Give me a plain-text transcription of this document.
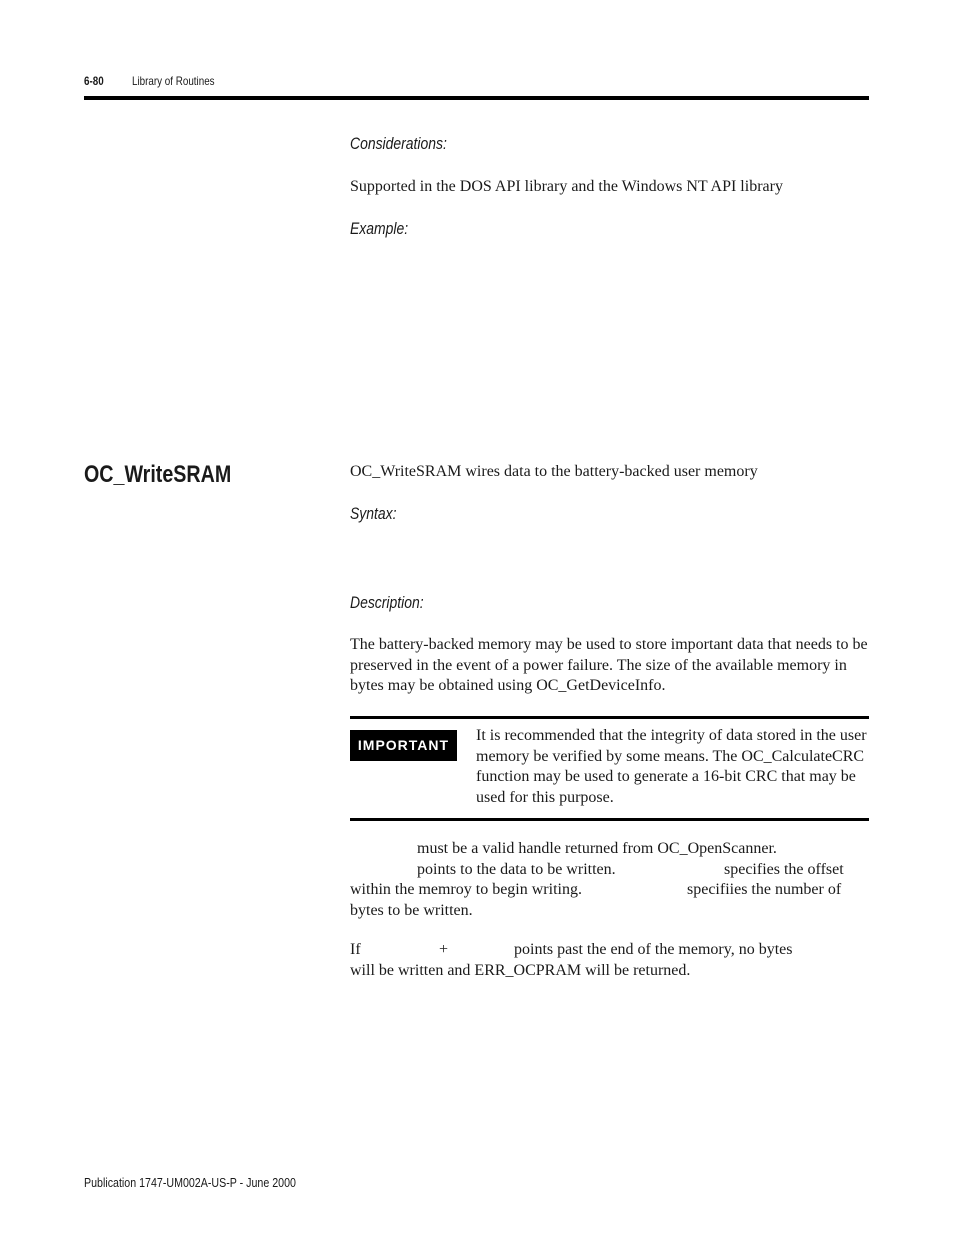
6-80 Library of Routines
Considerations:
Supported in the DOS API library and the Windows NT API library
Example:
OC_WriteSRAM	OC_WriteSRAM wires data to the battery-backed user memory
Syntax:
Description:
The battery-backed memory may be used to store important data that needs to be preserved in the event of a power failure. The size of the available memory in bytes may be obtained using OC_GetDeviceInfo.
IMPORTANT
It is recommended that the integrity of data stored in the user memory be verified by some means. The OC_CalculateCRC function may be used to generate a 16-bit CRC that may be used for this purpose.
must be a valid handle returned from OC_OpenScanner.
points to the data to be written.	specifies the offset
within the memroy to begin writing.	specifiies the number of
bytes to be written.
If	+	points past the end of the memory, no bytes
will be written and ERR_OCPRAM will be returned.
Publication 1747-UM002A-US-P - June 2000
